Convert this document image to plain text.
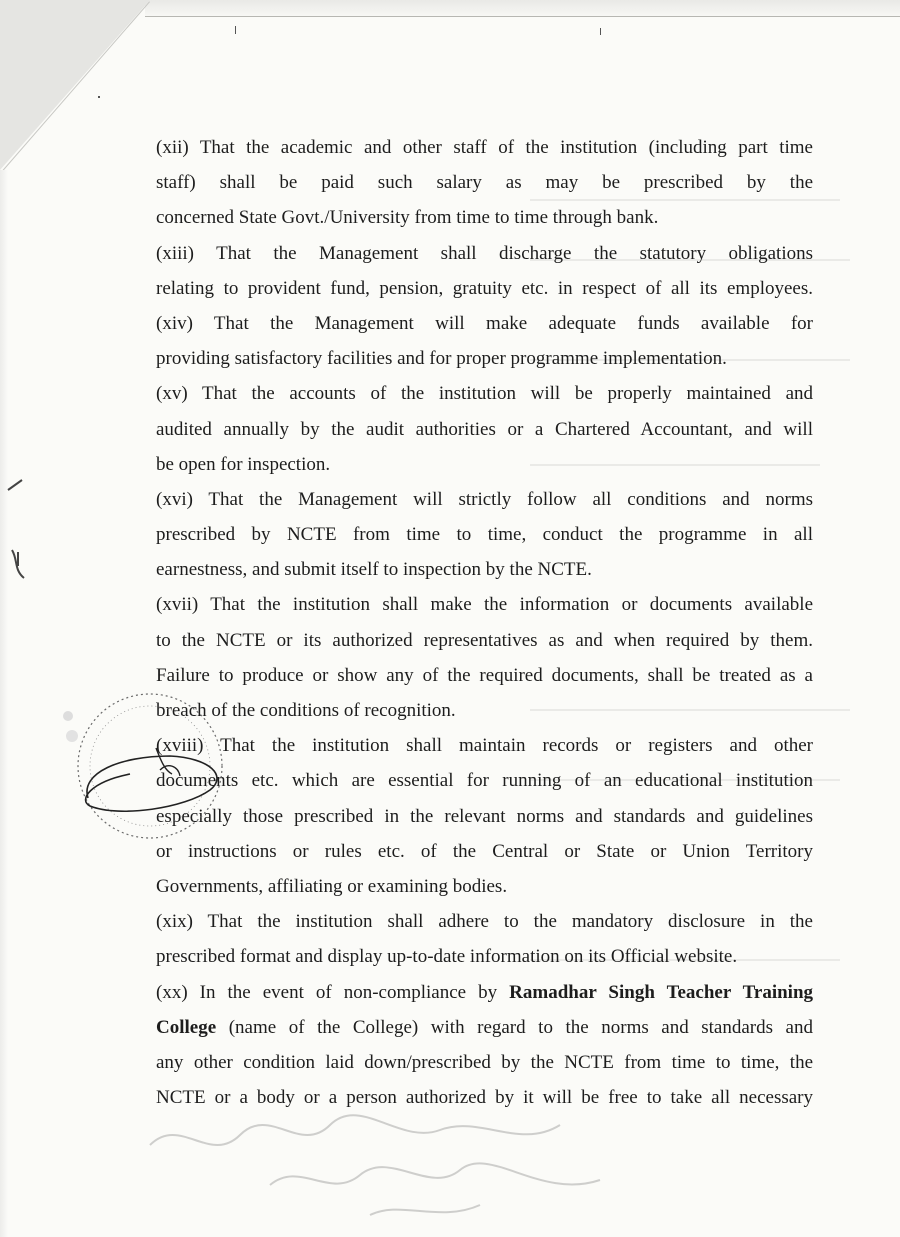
(xii) That the academic and other staff of the institution (including part time
staff) shall be paid such salary as may be prescribed by the
concerned State Govt./University from time to time through bank.
(xiii) That the Management shall discharge the statutory obligations
relating to provident fund, pension, gratuity etc. in respect of all its employees.
(xiv) That the Management will make adequate funds available for
providing satisfactory facilities and for proper programme implementation.
(xv) That the accounts of the institution will be properly maintained and
audited annually by the audit authorities or a Chartered Accountant, and will
be open for inspection.
(xvi) That the Management will strictly follow all conditions and norms
prescribed by NCTE from time to time, conduct the programme in all
earnestness, and submit itself to inspection by the NCTE.
(xvii) That the institution shall make the information or documents available
to the NCTE or its authorized representatives as and when required by them.
Failure to produce or show any of the required documents, shall be treated as a
breach of the conditions of recognition.
(xviii) That the institution shall maintain records or registers and other
documents etc. which are essential for running of an educational institution
especially those prescribed in the relevant norms and standards and guidelines
or instructions or rules etc. of the Central or State or Union Territory
Governments, affiliating or examining bodies.
(xix) That the institution shall adhere to the mandatory disclosure in the
prescribed format and display up-to-date information on its Official website.
(xx) In the event of non-compliance by Ramadhar Singh Teacher Training
College (name of the College) with regard to the norms and standards and
any other condition laid down/prescribed by the NCTE from time to time, the
NCTE or a body or a person authorized by it will be free to take all necessary
